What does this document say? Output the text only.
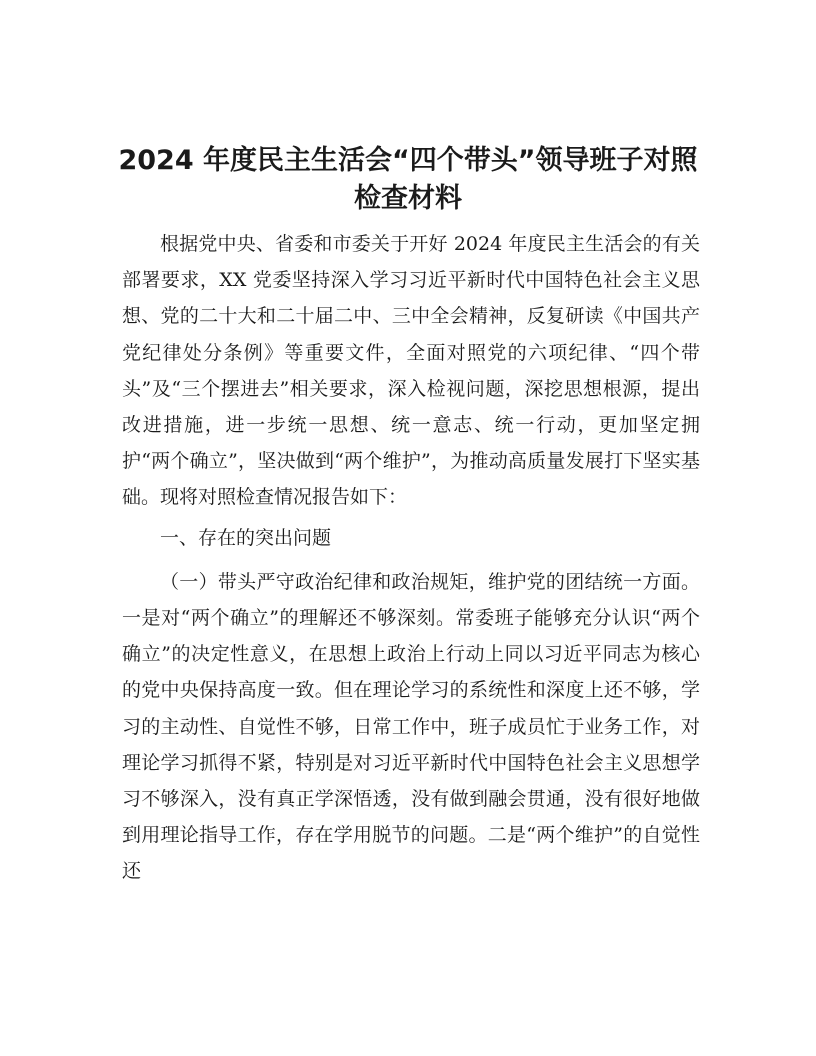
2024 年度民主生活会“四个带头”领导班子对照检查材料

根据党中央、省委和市委关于开好 2024 年度民主生活会的有关部署要求，XX 党委坚持深入学习习近平新时代中国特色社会主义思想、党的二十大和二十届二中、三中全会精神，反复研读《中国共产党纪律处分条例》等重要文件，全面对照党的六项纪律、“四个带头”及“三个摆进去”相关要求，深入检视问题，深挖思想根源，提出改进措施，进一步统一思想、统一意志、统一行动，更加坚定拥护“两个确立”，坚决做到“两个维护”，为推动高质量发展打下坚实基础。现将对照检查情况报告如下：

一、存在的突出问题

（一）带头严守政治纪律和政治规矩，维护党的团结统一方面。一是对“两个确立”的理解还不够深刻。常委班子能够充分认识“两个确立”的决定性意义，在思想上政治上行动上同以习近平同志为核心的党中央保持高度一致。但在理论学习的系统性和深度上还不够，学习的主动性、自觉性不够，日常工作中，班子成员忙于业务工作，对理论学习抓得不紧，特别是对习近平新时代中国特色社会主义思想学习不够深入，没有真正学深悟透，没有做到融会贯通，没有很好地做到用理论指导工作，存在学用脱节的问题。二是“两个维护”的自觉性还
